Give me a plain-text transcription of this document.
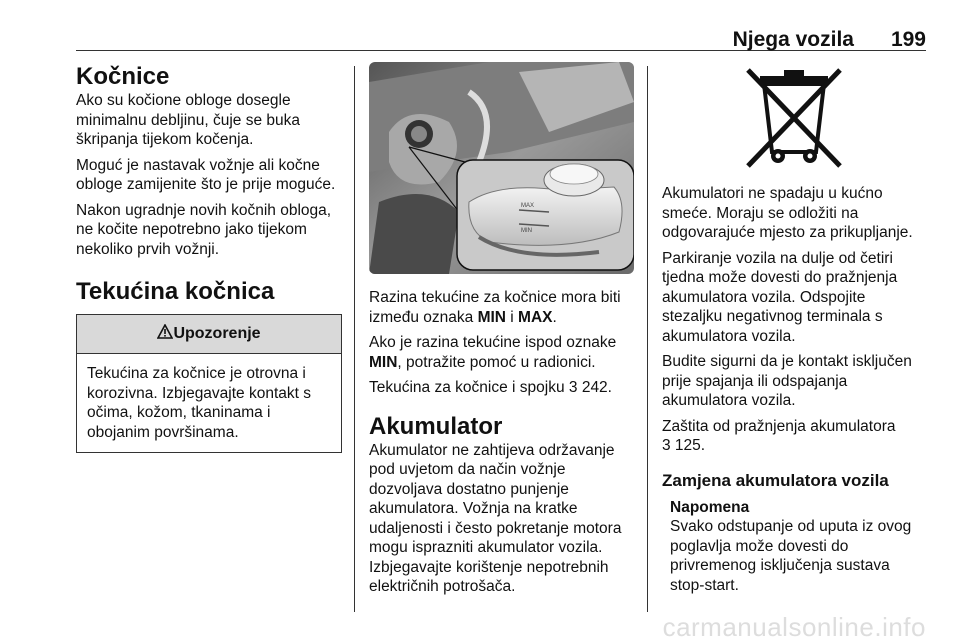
Njega vozila 199
Kočnice

Ako su kočione obloge dosegle minimalnu debljinu, čuje se buka škripanja tijekom kočenja.

Moguć je nastavak vožnje ali kočne obloge zamijenite što je prije moguće.

Nakon ugradnje novih kočnih obloga, ne kočite nepotrebno jako tijekom nekoliko prvih vožnji.

Tekućina kočnica
Upozorenje

Tekućina za kočnice je otrovna i korozivna. Izbjegavajte kontakt s očima, kožom, tkaninama i obojanim površinama.

MAX
MIN

Razina tekućine za kočnice mora biti između oznaka MIN i MAX.

Ako je razina tekućine ispod oznake MIN, potražite pomoć u radionici.

Tekućina za kočnice i spojku 3 242.

Akumulator

Akumulator ne zahtijeva održavanje pod uvjetom da način vožnje dozvoljava dostatno punjenje akumulatora. Vožnja na kratke udaljenosti i često pokretanje motora mogu isprazniti akumulator vozila. Izbjegavajte korištenje nepotrebnih električnih potrošača.

Akumulatori ne spadaju u kućno smeće. Moraju se odložiti na odgovarajuće mjesto za prikupljanje.

Parkiranje vozila na dulje od četiri tjedna može dovesti do pražnjenja akumulatora vozila. Odspojite stezaljku negativnog terminala s akumulatora vozila.

Budite sigurni da je kontakt isključen prije spajanja ili odspajanja akumulatora vozila.

Zaštita od pražnjenja akumulatora
3 125.

Zamjena akumulatora vozila

Napomena

Svako odstupanje od uputa iz ovog poglavlja može dovesti do privremenog isključenja sustava stop-start.

carmanualsonline.info
